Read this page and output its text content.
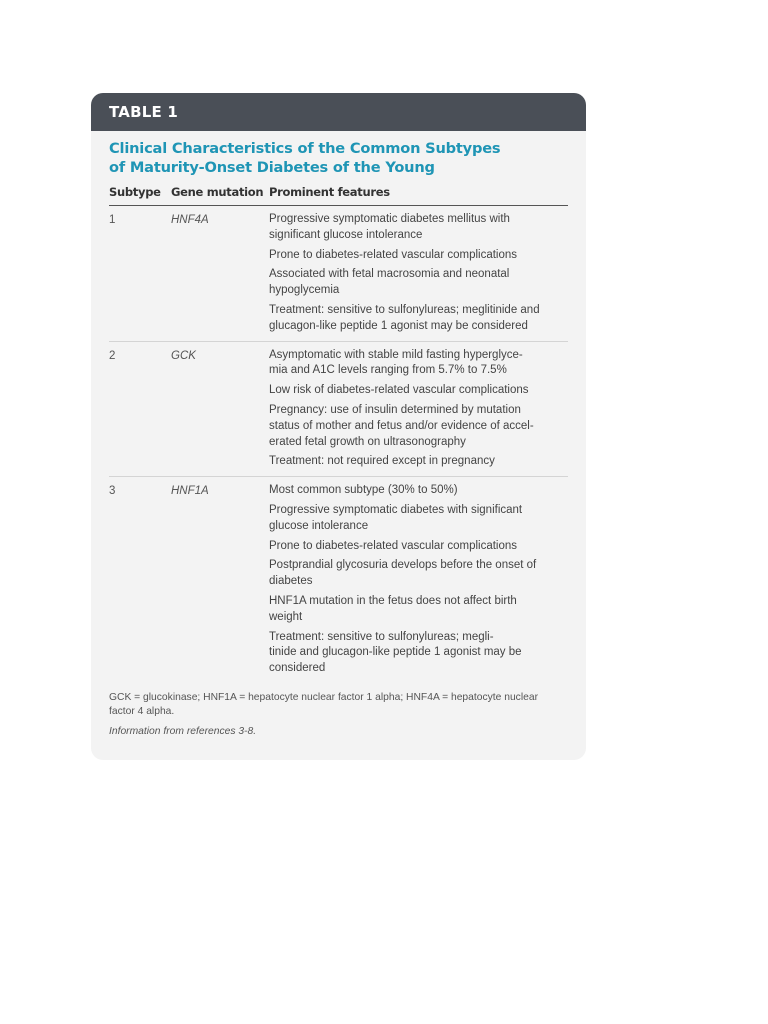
TABLE 1
Clinical Characteristics of the Common Subtypes
of Maturity-Onset Diabetes of the Young
Subtype Gene mutation Prominent features
1	HNF4A	Progressive symptomatic diabetes mellitus with
significant glucose intolerance
Prone to diabetes-related vascular complications
Associated with fetal macrosomia and neonatal
hypoglycemia
Treatment: sensitive to sulfonylureas; meglitinide and
glucagon-like peptide 1 agonist may be considered
2	GCK	Asymptomatic with stable mild fasting hyperglyce-
mia and A1C levels ranging from 5.7% to 7.5%
Low risk of diabetes-related vascular complications
Pregnancy: use of insulin determined by mutation
status of mother and fetus and/or evidence of accel-
erated fetal growth on ultrasonography
Treatment: not required except in pregnancy
3	HNF1A	Most common subtype (30% to 50%)
Progressive symptomatic diabetes with significant
glucose intolerance
Prone to diabetes-related vascular complications
Postprandial glycosuria develops before the onset of
diabetes
HNF1A mutation in the fetus does not affect birth
weight
Treatment: sensitive to sulfonylureas; megli-
tinide and glucagon-like peptide 1 agonist may be
considered
GCK = glucokinase; HNF1A = hepatocyte nuclear factor 1 alpha; HNF4A = hepatocyte nuclear
factor 4 alpha.
Information from references 3-8.
